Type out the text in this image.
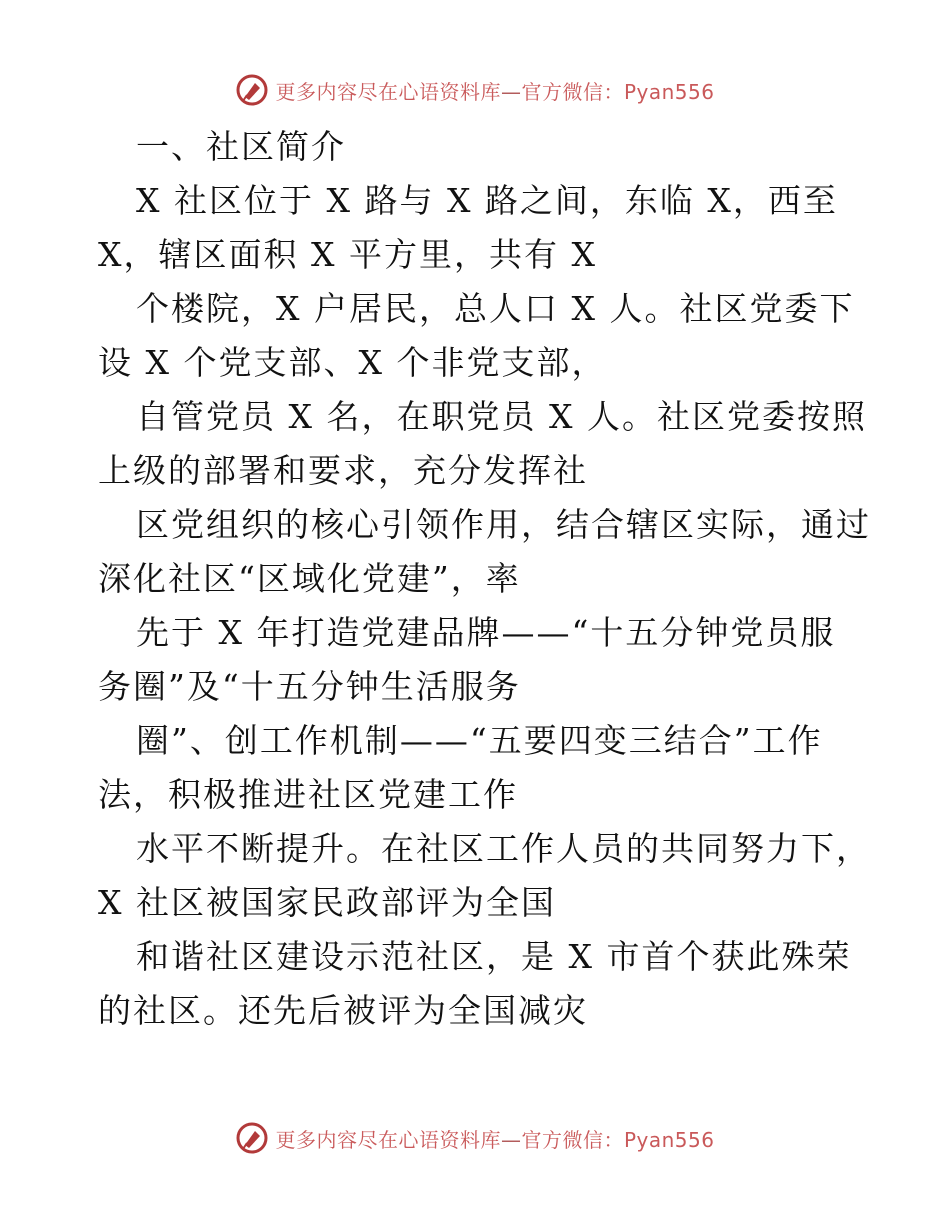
更多内容尽在心语资料库—官方微信：Pyan556
一、社区简介
X 社区位于 X 路与 X 路之间，东临 X，西至
X，辖区面积 X 平方里，共有 X
个楼院，X 户居民，总人口 X 人。社区党委下
设 X 个党支部、X 个非党支部，
自管党员 X 名，在职党员 X 人。社区党委按照
上级的部署和要求，充分发挥社
区党组织的核心引领作用，结合辖区实际，通过
深化社区“区域化党建”，率
先于 X 年打造党建品牌——“十五分钟党员服
务圈”及“十五分钟生活服务
圈”、创工作机制——“五要四变三结合”工作
法，积极推进社区党建工作
水平不断提升。在社区工作人员的共同努力下，
X 社区被国家民政部评为全国
和谐社区建设示范社区，是 X 市首个获此殊荣
的社区。还先后被评为全国减灾
更多内容尽在心语资料库—官方微信：Pyan556
